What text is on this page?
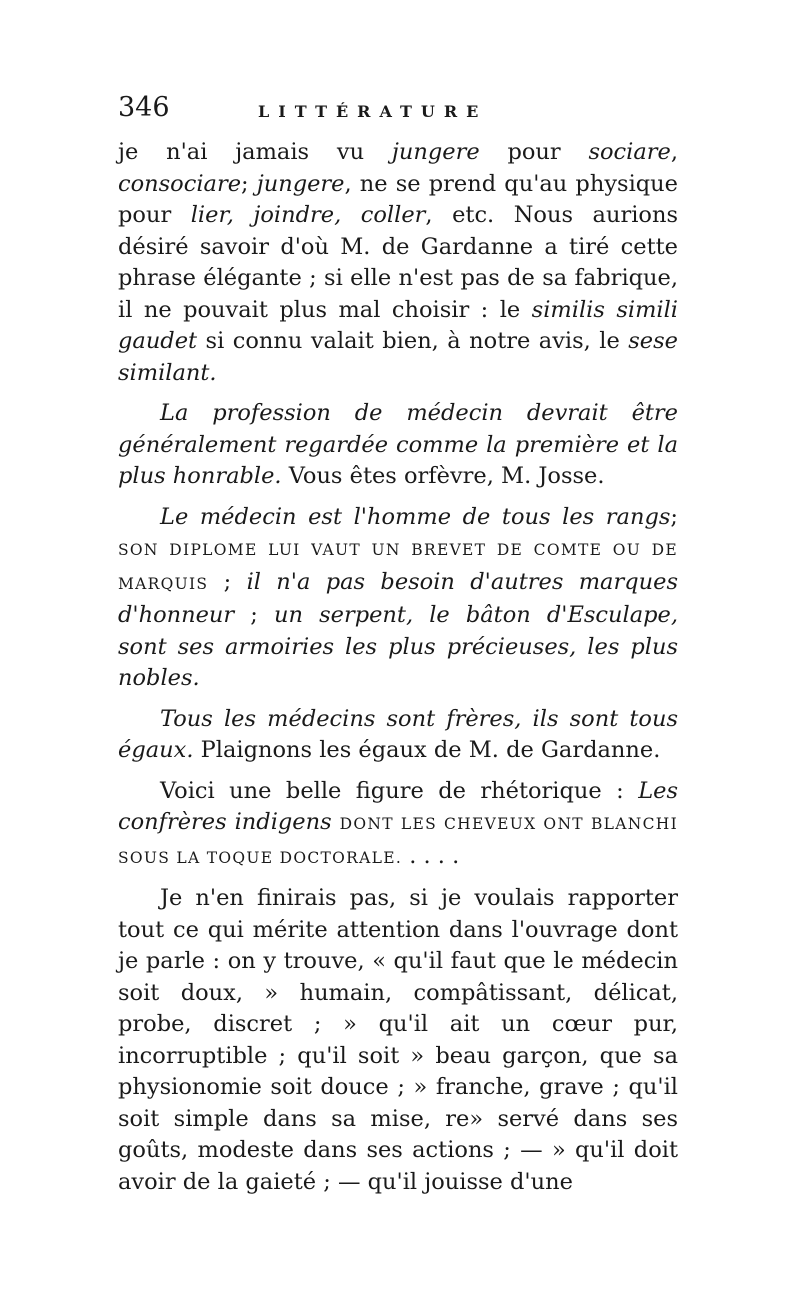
346	LITTÉRATURE

je n'ai jamais vu jungere pour sociare, consociare; jungere, ne se prend qu'au physique pour lier, joindre, coller, etc. Nous aurions désiré savoir d'où M. de Gardanne a tiré cette phrase élégante ; si elle n'est pas de sa fabrique, il ne pouvait plus mal choisir : le similis simili gaudet si connu valait bien, à notre avis, le sese similant.

La profession de médecin devrait être généralement regardée comme la première et la plus honrable. Vous êtes orfèvre, M. Josse.

Le médecin est l'homme de tous les rangs; SON DIPLOME LUI VAUT UN BREVET DE COMTE OU DE MARQUIS ; il n'a pas besoin d'autres marques d'honneur ; un serpent, le bâton d'Esculape, sont ses armoiries les plus précieuses, les plus nobles.

Tous les médecins sont frères, ils sont tous égaux. Plaignons les égaux de M. de Gardanne.

Voici une belle figure de rhétorique : Les confrères indigens DONT LES CHEVEUX ONT BLANCHI SOUS LA TOQUE DOCTORALE. . . . .

Je n'en finirais pas, si je voulais rapporter tout ce qui mérite attention dans l'ouvrage dont je parle : on y trouve, « qu'il faut que le médecin soit doux, » humain, compâtissant, délicat, probe, discret ; » qu'il ait un cœur pur, incorruptible ; qu'il soit » beau garçon, que sa physionomie soit douce ; » franche, grave ; qu'il soit simple dans sa mise, re» servé dans ses goûts, modeste dans ses actions ; — » qu'il doit avoir de la gaieté ; — qu'il jouisse d'une
